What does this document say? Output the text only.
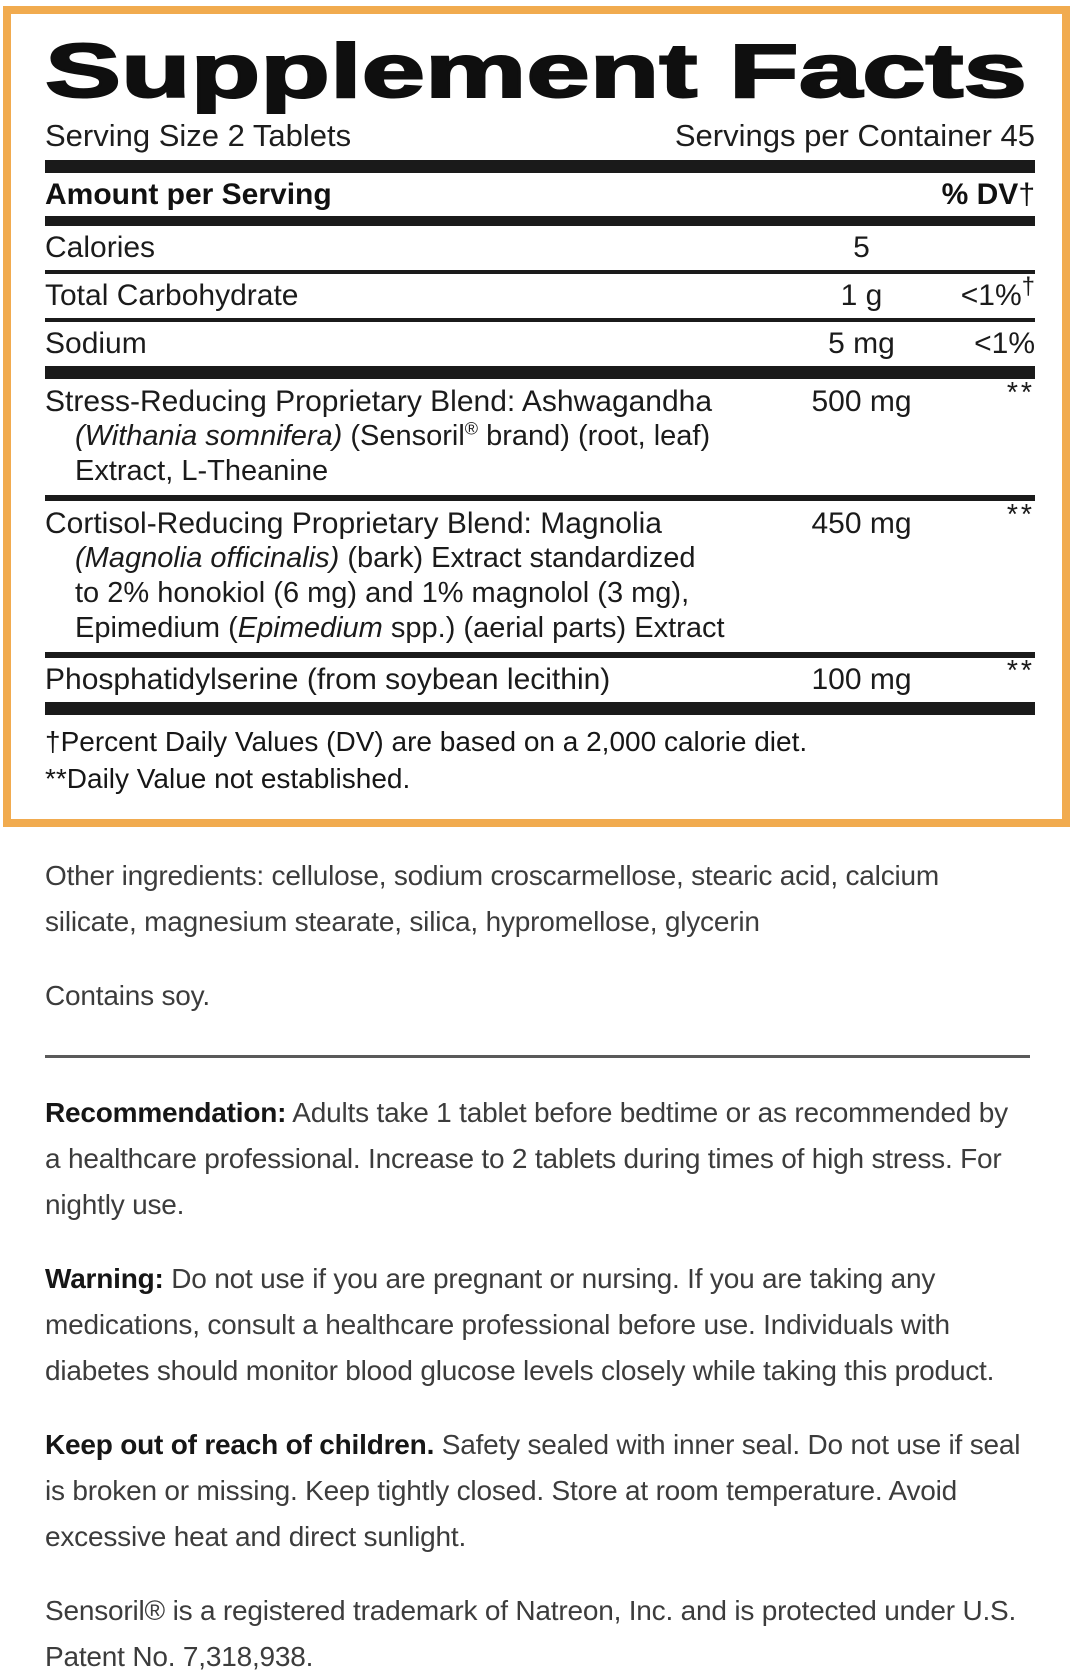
Supplement Facts
Serving Size 2 Tablets	Servings per Container 45
Amount per Serving	% DV†
Calories	5
Total Carbohydrate	1 g	<1%†
Sodium	5 mg	<1%
Stress-Reducing Proprietary Blend: Ashwagandha	500 mg	**
(Withania somnifera) (Sensoril® brand) (root, leaf)
Extract, L-Theanine
Cortisol-Reducing Proprietary Blend: Magnolia	450 mg	**
(Magnolia officinalis) (bark) Extract standardized
to 2% honokiol (6 mg) and 1% magnolol (3 mg),
Epimedium (Epimedium spp.) (aerial parts) Extract
Phosphatidylserine (from soybean lecithin)	100 mg	**
†Percent Daily Values (DV) are based on a 2,000 calorie diet.
**Daily Value not established.

Other ingredients: cellulose, sodium croscarmellose, stearic acid, calcium silicate, magnesium stearate, silica, hypromellose, glycerin

Contains soy.

Recommendation: Adults take 1 tablet before bedtime or as recommended by a healthcare professional. Increase to 2 tablets during times of high stress. For nightly use.

Warning: Do not use if you are pregnant or nursing. If you are taking any medications, consult a healthcare professional before use. Individuals with diabetes should monitor blood glucose levels closely while taking this product.

Keep out of reach of children. Safety sealed with inner seal. Do not use if seal is broken or missing. Keep tightly closed. Store at room temperature. Avoid excessive heat and direct sunlight.

Sensoril® is a registered trademark of Natreon, Inc. and is protected under U.S. Patent No. 7,318,938.
